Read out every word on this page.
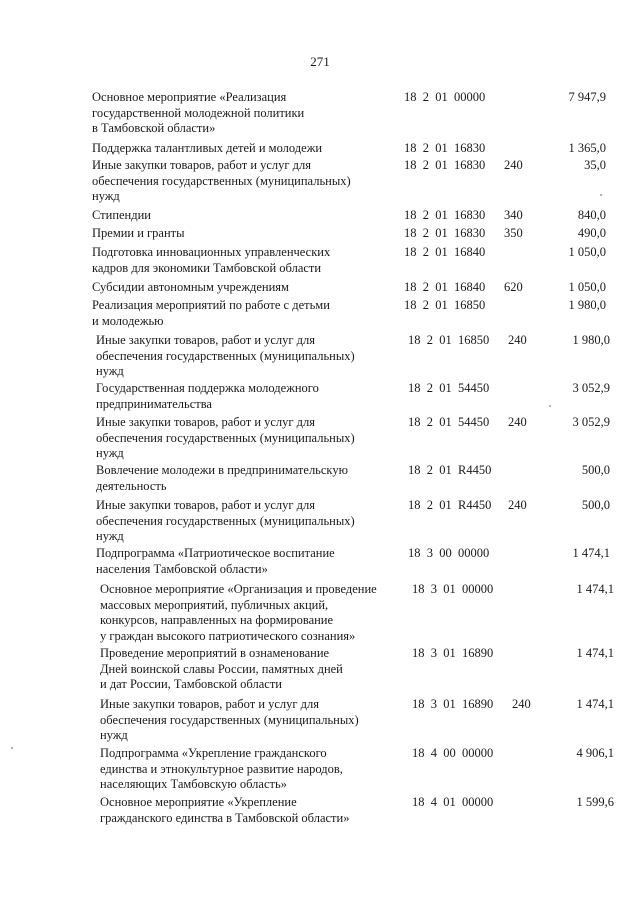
271
Основное мероприятие «Реализация
государственной молодежной политики
в Тамбовской области»
18  2  01  00000	7 947,9
Поддержка талантливых детей и молодежи	18  2  01  16830	1 365,0
Иные закупки товаров, работ и услуг для
обеспечения государственных (муниципальных)
нужд
18  2  01  16830 240	35,0
Стипендии	18  2  01  16830 340	840,0
Премии и гранты	18  2  01  16830 350	490,0
Подготовка инновационных управленческих
кадров для экономики Тамбовской области
18  2  01  16840	1 050,0
Субсидии автономным учреждениям	18  2  01  16840 620	1 050,0
Реализация мероприятий по работе с детьми
и молодежью
18  2  01  16850	1 980,0
Иные закупки товаров, работ и услуг для
обеспечения государственных (муниципальных)
нужд
18  2  01  16850 240	1 980,0
Государственная поддержка молодежного
предпринимательства
18  2  01  54450	3 052,9
Иные закупки товаров, работ и услуг для
обеспечения государственных (муниципальных)
нужд
18  2  01  54450 240	3 052,9
Вовлечение молодежи в предпринимательскую
деятельность
18  2  01  R4450	500,0
Иные закупки товаров, работ и услуг для
обеспечения государственных (муниципальных)
нужд
18  2  01  R4450 240	500,0
Подпрограмма «Патриотическое воспитание
населения Тамбовской области»
18  3  00  00000	1 474,1
Основное мероприятие «Организация и проведение
массовых мероприятий, публичных акций,
конкурсов, направленных на формирование
у граждан высокого патриотического сознания»
18  3  01  00000	1 474,1
Проведение мероприятий в ознаменование
Дней воинской славы России, памятных дней
и дат России, Тамбовской области
18  3  01  16890	1 474,1
Иные закупки товаров, работ и услуг для
обеспечения государственных (муниципальных)
нужд
18  3  01  16890 240	1 474,1
Подпрограмма «Укрепление гражданского
единства и этнокультурное развитие народов,
населяющих Тамбовскую область»
18  4  00  00000	4 906,1
Основное мероприятие «Укрепление
гражданского единства в Тамбовской области»
18  4  01  00000	1 599,6
